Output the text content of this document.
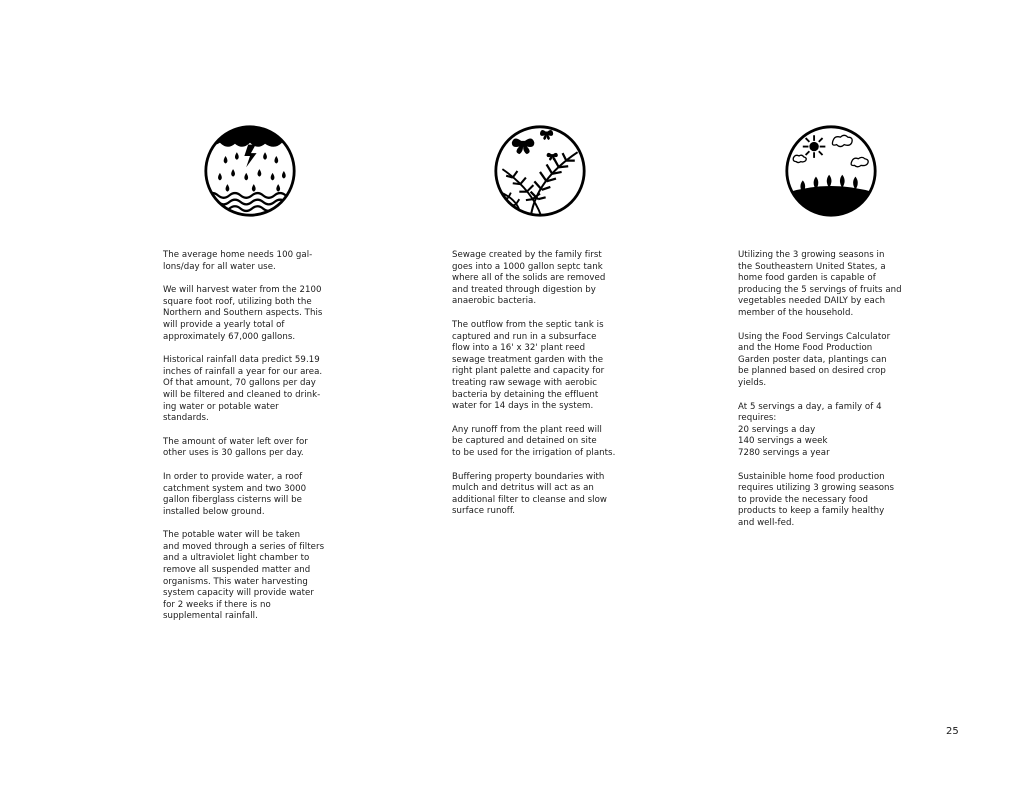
The average home needs 100 gal-
lons/day for all water use.

We will harvest water from the 2100
square foot roof, utilizing both the
Northern and Southern aspects. This
will provide a yearly total of
approximately 67,000 gallons.

Historical rainfall data predict 59.19
inches of rainfall a year for our area.
Of that amount, 70 gallons per day
will be filtered and cleaned to drink-
ing water or potable water
standards.

The amount of water left over for
other uses is 30 gallons per day.

In order to provide water, a roof
catchment system and two 3000
gallon fiberglass cisterns will be
installed below ground.

The potable water will be taken
and moved through a series of filters
and a ultraviolet light chamber to
remove all suspended matter and
organisms. This water harvesting
system capacity will provide water
for 2 weeks if there is no
supplemental rainfall.

Sewage created by the family first
goes into a 1000 gallon septc tank
where all of the solids are removed
and treated through digestion by
anaerobic bacteria.

The outflow from the septic tank is
captured and run in a subsurface
flow into a 16' x 32' plant reed
sewage treatment garden with the
right plant palette and capacity for
treating raw sewage with aerobic
bacteria by detaining the effluent
water for 14 days in the system.

Any runoff from the plant reed will
be captured and detained on site
to be used for the irrigation of plants.

Buffering property boundaries with
mulch and detritus will act as an
additional filter to cleanse and slow
surface runoff.

Utilizing the 3 growing seasons in
the Southeastern United States, a
home food garden is capable of
producing the 5 servings of fruits and
vegetables needed DAILY by each
member of the household.

Using the Food Servings Calculator
and the Home Food Production
Garden poster data, plantings can
be planned based on desired crop
yields.

At 5 servings a day, a family of 4
requires:
20 servings a day
140 servings a week
7280 servings a year

Sustainible home food production
requires utilizing 3 growing seasons
to provide the necessary food
products to keep a family healthy
and well-fed.

25
